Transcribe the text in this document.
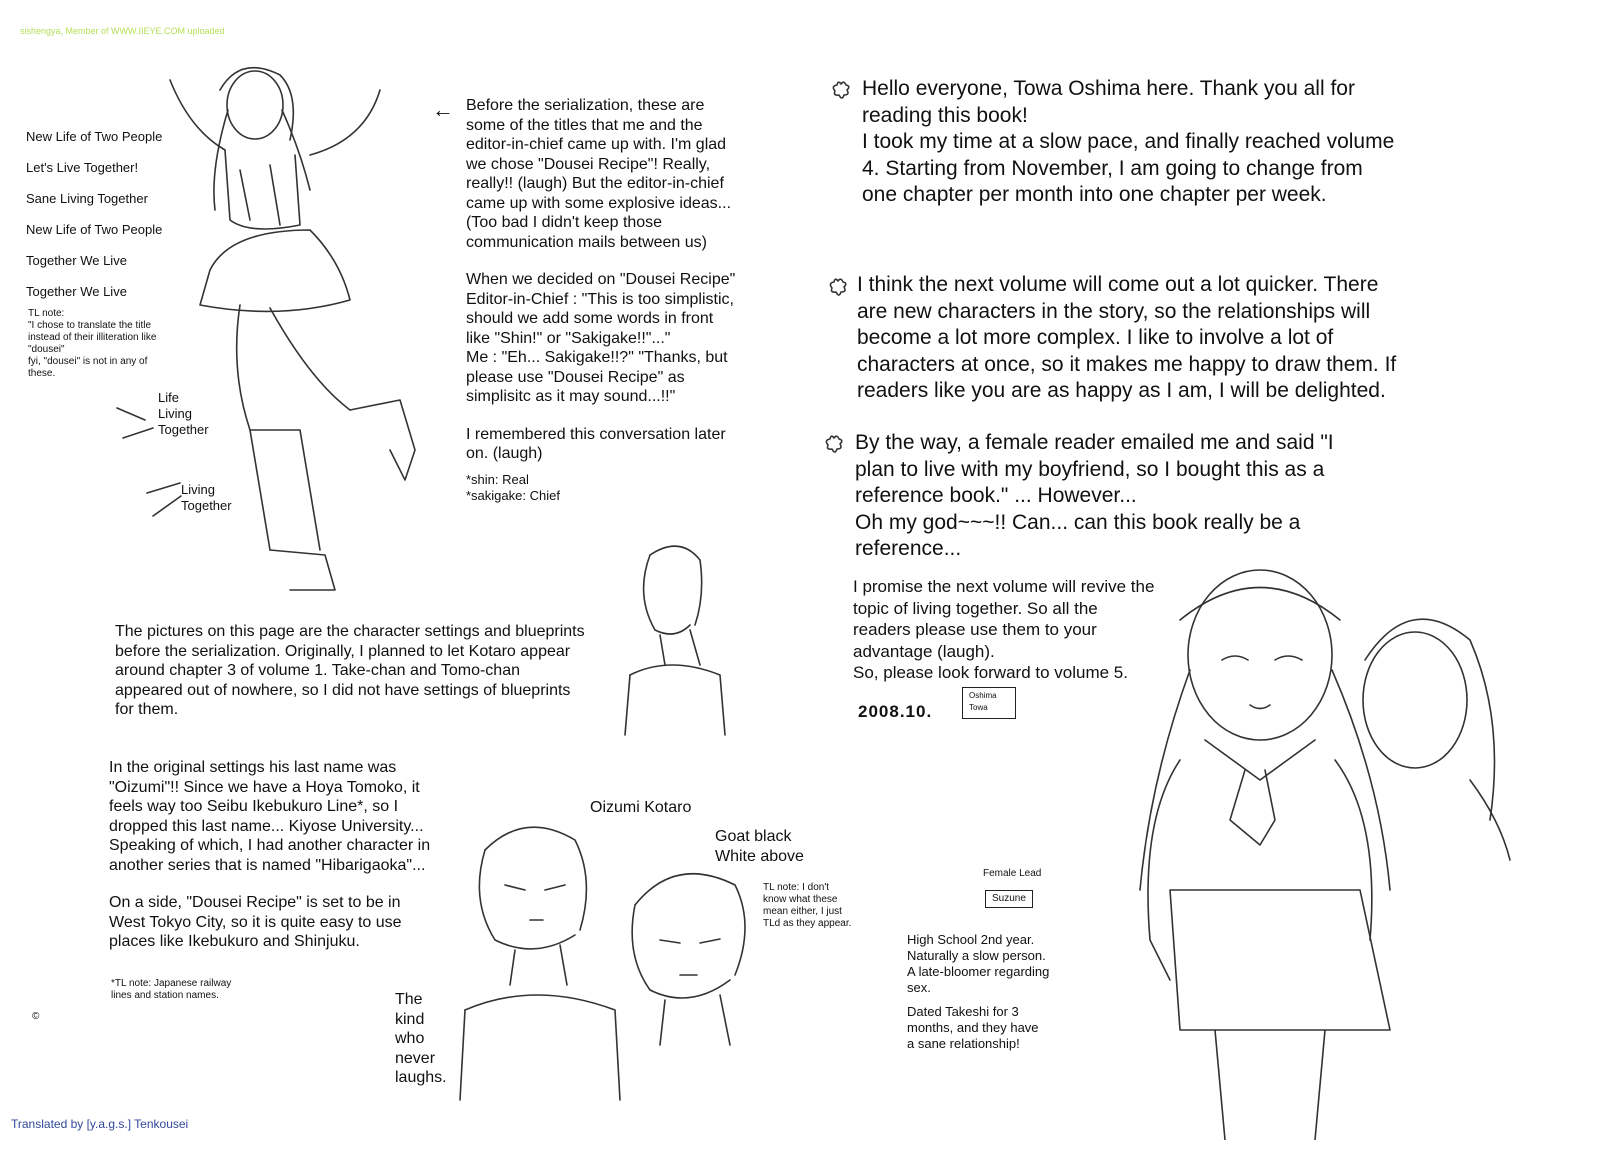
sishengya, Member of WWW.IIEYE.COM uploaded
New Life of Two People
Let's Live Together!
Sane Living Together
New Life of Two People
Together We Live
Together We Live
TL note:
"I chose to translate the title
instead of their illiteration like
"dousei"
fyi, "dousei" is not in any of
these.
Life
Living
Together
Living
Together
← Before the serialization, these are
some of the titles that me and the
editor-in-chief came up with. I'm glad
we chose "Dousei Recipe"! Really,
really!! (laugh) But the editor-in-chief
came up with some explosive ideas...
(Too bad I didn't keep those
communication mails between us)
When we decided on "Dousei Recipe"
Editor-in-Chief : "This is too simplistic,
should we add some words in front
like "Shin!" or "Sakigake!!"..."
Me : "Eh... Sakigake!!?" "Thanks, but
please use "Dousei Recipe" as
simplisitc as it may sound...!!"
I remembered this conversation later
on. (laugh)
*shin: Real
*sakigake: Chief
The pictures on this page are the character settings and blueprints
before the serialization. Originally, I planned to let Kotaro appear
around chapter 3 of volume 1. Take-chan and Tomo-chan
appeared out of nowhere, so I did not have settings of blueprints
for them.
In the original settings his last name was
"Oizumi"!! Since we have a Hoya Tomoko, it
feels way too Seibu Ikebukuro Line*, so I
dropped this last name... Kiyose University...
Speaking of which, I had another character in
another series that is named "Hibarigaoka"...
On a side, "Dousei Recipe" is set to be in
West Tokyo City, so it is quite easy to use
places like Ikebukuro and Shinjuku.
*TL note: Japanese railway
lines and station names.
©
Oizumi Kotaro
Goat black
White above
TL note: I don't
know what these
mean either, I just
TLd as they appear.
The
kind
who
never
laughs.
Hello everyone, Towa Oshima here. Thank you all for
reading this book!
I took my time at a slow pace, and finally reached volume
4. Starting from November, I am going to change from
one chapter per month into one chapter per week.
I think the next volume will come out a lot quicker. There
are new characters in the story, so the relationships will
become a lot more complex. I like to involve a lot of
characters at once, so it makes me happy to draw them. If
readers like you are as happy as I am, I will be delighted.
By the way, a female reader emailed me and said "I
plan to live with my boyfriend, so I bought this as a
reference book." ... However...
Oh my god~~~!! Can... can this book really be a
reference...
I promise the next volume will revive the
topic of living together. So all the
readers please use them to your
advantage (laugh).
So, please look forward to volume 5.
2008.10.
Oshima
Towa
Female Lead
Suzune
High School 2nd year.
Naturally a slow person.
A late-bloomer regarding
sex.
Dated Takeshi for 3
months, and they have
a sane relationship!
Translated by [y.a.g.s.] Tenkousei
